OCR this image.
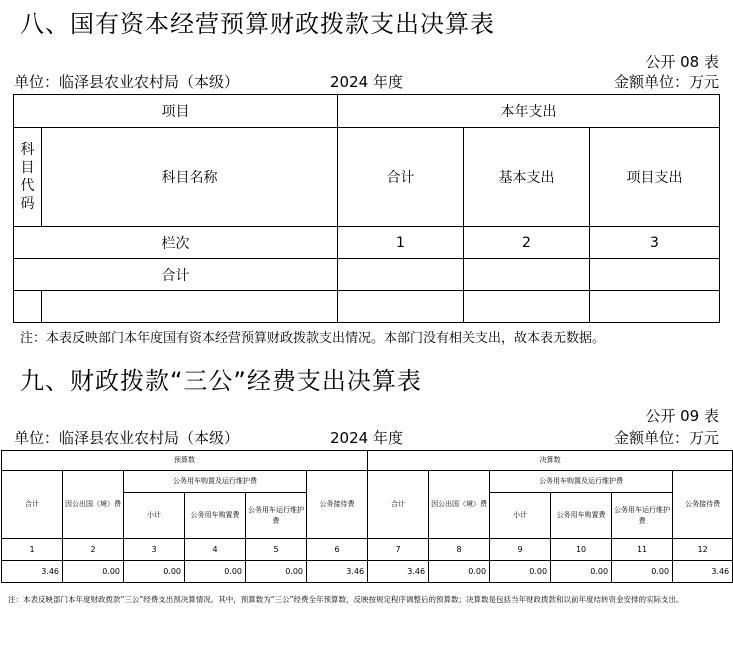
八、国有资本经营预算财政拨款支出决算表
公开 08 表
单位：临泽县农业农村局（本级）	2024 年度	金额单位：万元
项目		本年支出		

科
目
代
码	科目名称	合计	基本支出	项目支出
栏次		1	2	3
合计				

注：本表反映部门本年度国有资本经营预算财政拨款支出情况。本部门没有相关支出，故本表无数据。
九、财政拨款“三公”经费支出决算表
公开 09 表
单位：临泽县农业农村局（本级）	2024 年度	金额单位：万元
预算数						决算数					
合计	因公出国（境）费	公务用车购置及运行维护费			公务接待费	合计	因公出国（境）费	公务用车购置及运行维护费			公务接待费
		小计	公务用车购置费	公务用车运行维护费				小计	公务用车购置费	公务用车运行维护费	
1	2	3	4	5	6	7	8	9	10	11	12
3.46	0.00	0.00	0.00	0.00	3.46	3.46	0.00	0.00	0.00	0.00	3.46
注：本表反映部门本年度财政拨款“三公”经费支出预决算情况。其中，预算数为“三公”经费全年预算数，反映按规定程序调整后的预算数；决算数是包括当年财政拨款和以前年度结转资金安排的实际支出。
